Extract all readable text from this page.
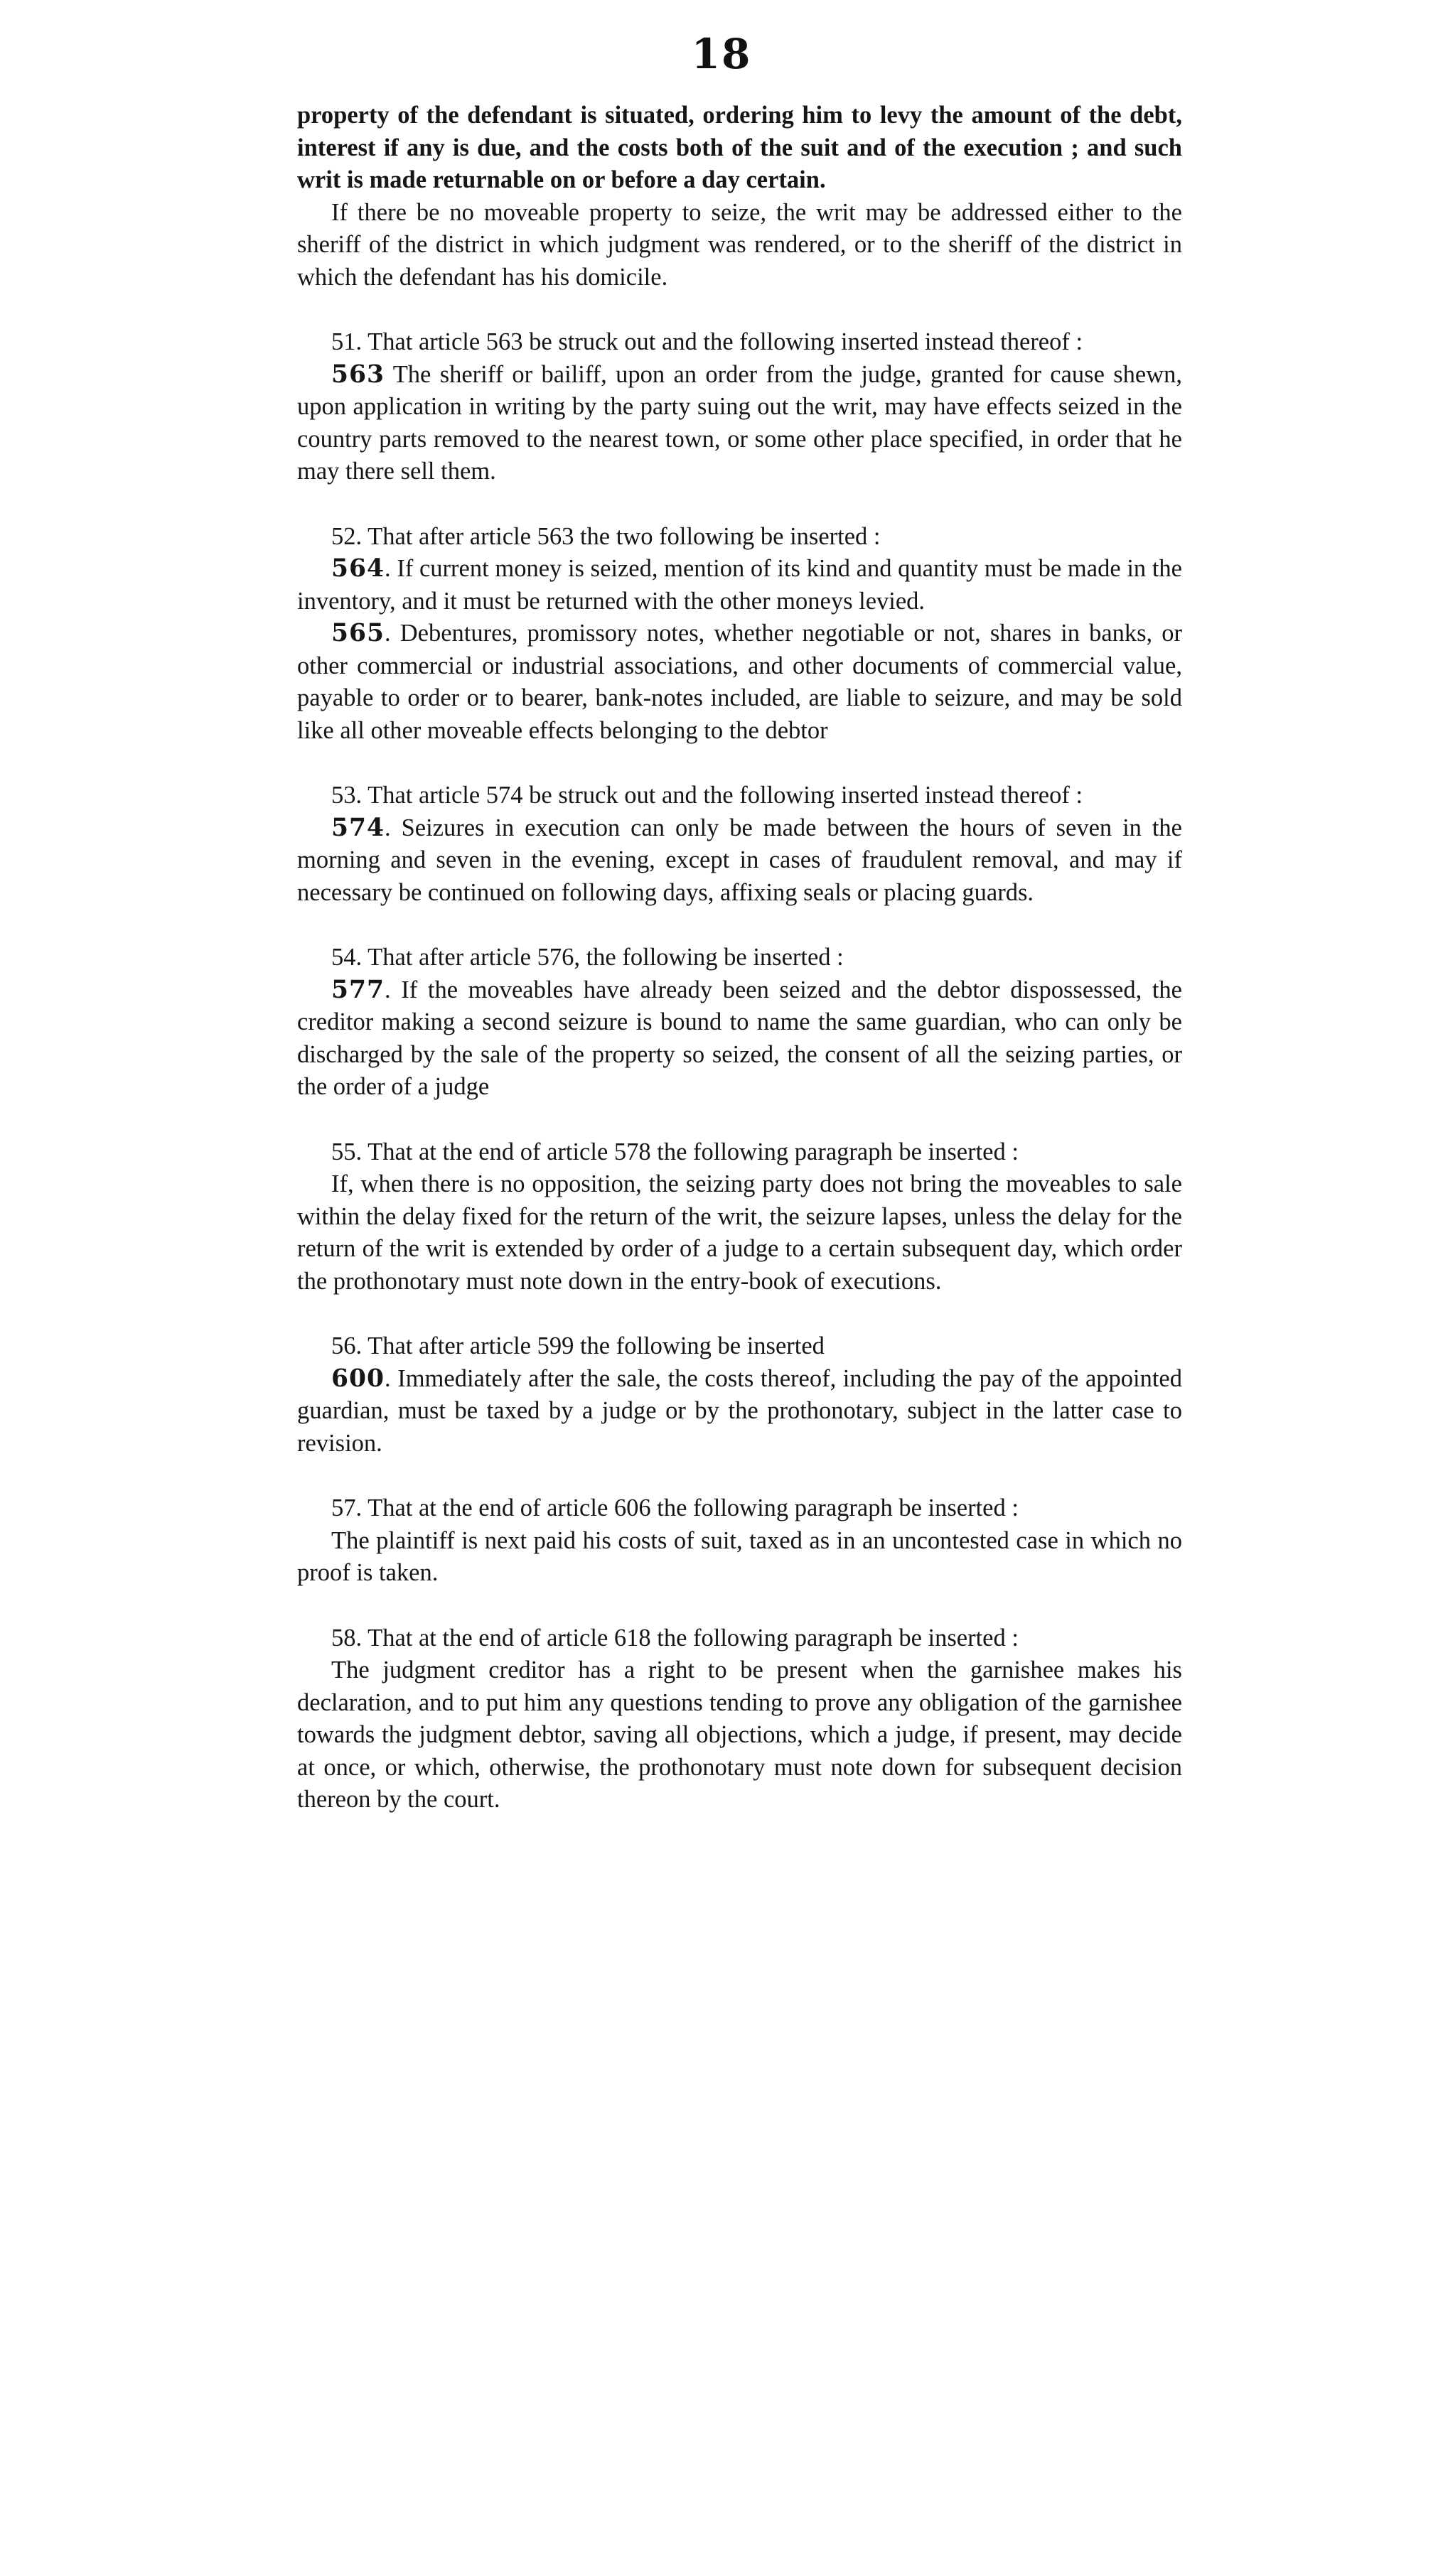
18

property of the defendant is situated, ordering him to levy the amount of the debt, interest if any is due, and the costs both of the suit and of the execution ; and such writ is made returnable on or before a day certain.

If there be no moveable property to seize, the writ may be addressed either to the sheriff of the district in which judgment was rendered, or to the sheriff of the district in which the defendant has his domicile.

51. That article 563 be struck out and the following inserted instead thereof :

563 The sheriff or bailiff, upon an order from the judge, granted for cause shewn, upon application in writing by the party suing out the writ, may have effects seized in the country parts removed to the nearest town, or some other place specified, in order that he may there sell them.

52. That after article 563 the two following be inserted :

564. If current money is seized, mention of its kind and quantity must be made in the inventory, and it must be returned with the other moneys levied.

565. Debentures, promissory notes, whether negotiable or not, shares in banks, or other commercial or industrial associations, and other documents of commercial value, payable to order or to bearer, bank-notes included, are liable to seizure, and may be sold like all other moveable effects belonging to the debtor

53. That article 574 be struck out and the following inserted instead thereof :

574. Seizures in execution can only be made between the hours of seven in the morning and seven in the evening, except in cases of fraudulent removal, and may if necessary be continued on following days, affixing seals or placing guards.

54. That after article 576, the following be inserted :

577. If the moveables have already been seized and the debtor dispossessed, the creditor making a second seizure is bound to name the same guardian, who can only be discharged by the sale of the property so seized, the consent of all the seizing parties, or the order of a judge

55. That at the end of article 578 the following paragraph be inserted :

If, when there is no opposition, the seizing party does not bring the moveables to sale within the delay fixed for the return of the writ, the seizure lapses, unless the delay for the return of the writ is extended by order of a judge to a certain subsequent day, which order the prothonotary must note down in the entry-book of executions.

56. That after article 599 the following be inserted

600. Immediately after the sale, the costs thereof, including the pay of the appointed guardian, must be taxed by a judge or by the prothonotary, subject in the latter case to revision.

57. That at the end of article 606 the following paragraph be inserted :

The plaintiff is next paid his costs of suit, taxed as in an uncontested case in which no proof is taken.

58. That at the end of article 618 the following paragraph be inserted :

The judgment creditor has a right to be present when the garnishee makes his declaration, and to put him any questions tending to prove any obligation of the garnishee towards the judgment debtor, saving all objections, which a judge, if present, may decide at once, or which, otherwise, the prothonotary must note down for subsequent decision thereon by the court.
